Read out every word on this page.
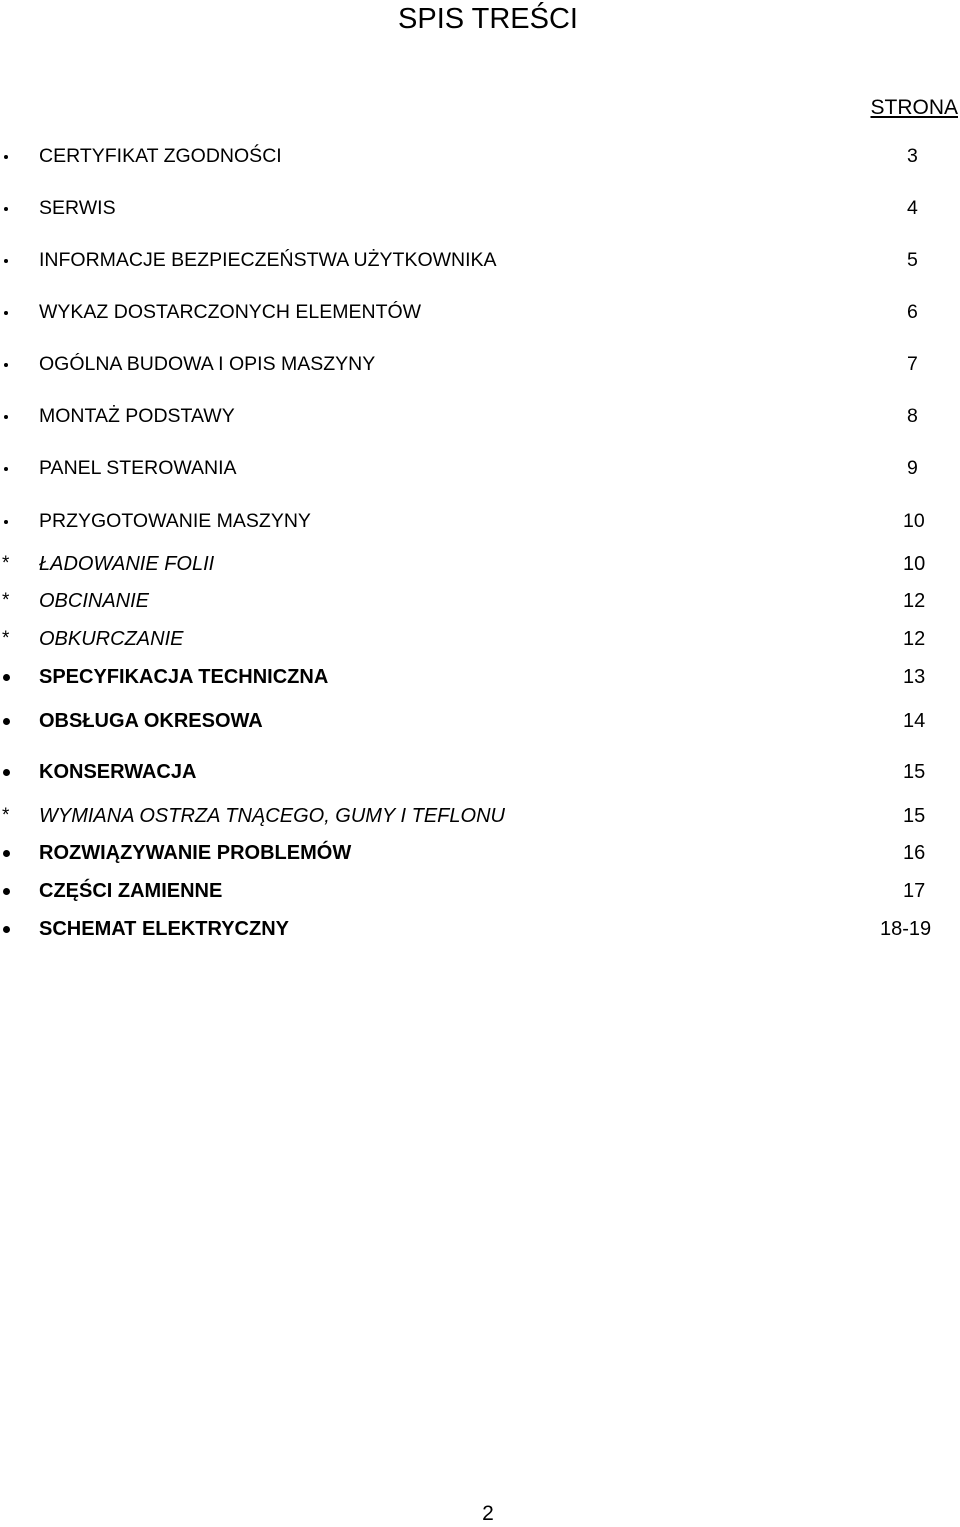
SPIS TREŚCI
STRONA
CERTYFIKAT ZGODNOŚCI	3
SERWIS	4
INFORMACJE BEZPIECZEŃSTWA UŻYTKOWNIKA	5
WYKAZ DOSTARCZONYCH ELEMENTÓW	6
OGÓLNA BUDOWA I OPIS MASZYNY	7
MONTAŻ PODSTAWY	8
PANEL STEROWANIA	9
PRZYGOTOWANIE MASZYNY	10
* ŁADOWANIE FOLII	10
* OBCINANIE	12
* OBKURCZANIE	12
SPECYFIKACJA TECHNICZNA	13
OBSŁUGA OKRESOWA	14
KONSERWACJA	15
* WYMIANA OSTRZA TNĄCEGO, GUMY I TEFLONU	15
ROZWIĄZYWANIE PROBLEMÓW	16
CZĘŚCI ZAMIENNE	17
SCHEMAT ELEKTRYCZNY	18-19
2
